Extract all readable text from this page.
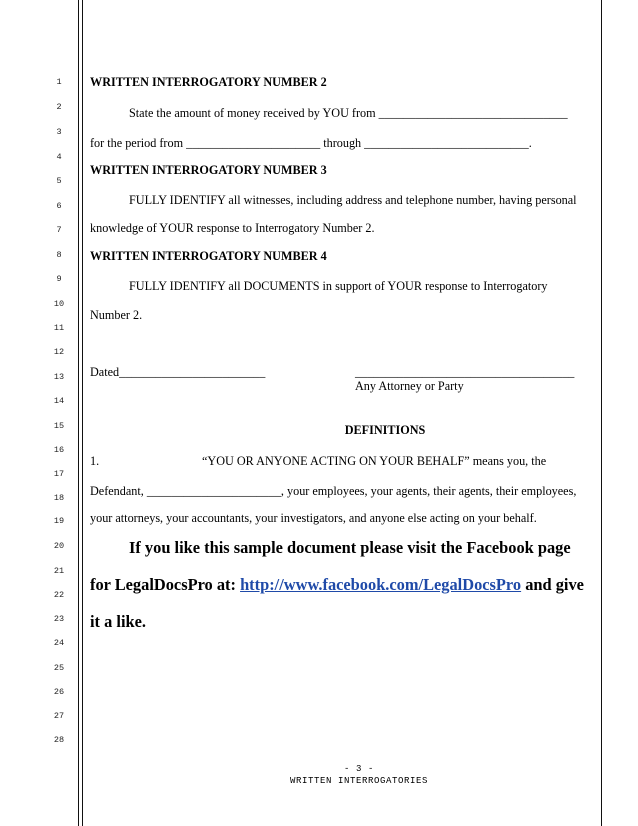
1
2
3
4
5
6
7
8
9
10
11
12
13
14
15
16
17
18
19
20
21
22
23
24
25
26
27
28
WRITTEN INTERROGATORY NUMBER 2
State the amount of money received by YOU from _______________________________
for the period from ______________________ through ___________________________.
WRITTEN INTERROGATORY NUMBER 3
FULLY IDENTIFY all witnesses, including address and telephone number, having personal
knowledge of YOUR response to Interrogatory Number 2.
WRITTEN INTERROGATORY NUMBER 4
FULLY IDENTIFY all DOCUMENTS in support of YOUR response to Interrogatory
Number 2.
Dated________________________	____________________________________
Any Attorney or Party
DEFINITIONS
1.	“YOU OR ANYONE ACTING ON YOUR BEHALF” means you, the
Defendant, ______________________, your employees, your agents, their agents, their employees,
your attorneys, your accountants, your investigators, and anyone else acting on your behalf.
If you like this sample document please visit the Facebook page
for LegalDocsPro at: http://www.facebook.com/LegalDocsPro and give
it a like.
- 3 -
WRITTEN INTERROGATORIES
